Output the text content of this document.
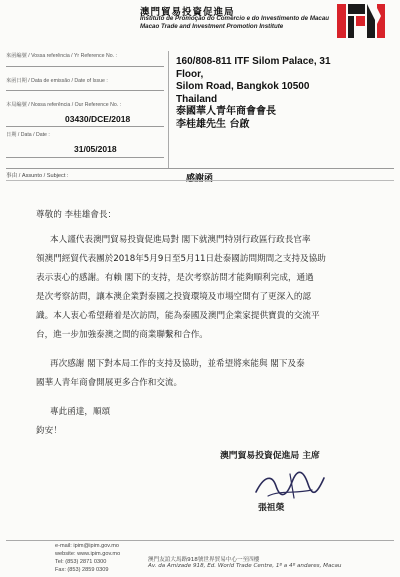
澳門貿易投資促進局
Instituto de Promoção do Comércio e do Investimento de Macau
Macao Trade and Investment Promotion Institute
來函編號 / Vossa referência / Yr Reference No. :
來函日期 / Data de emissão / Date of Issue :
本局編號 / Nossa referência / Our Reference No. :
03430/DCE/2018
日期 / Data / Date :
31/05/2018
160/808-811 ITF Silom Palace, 31
Floor,
Silom Road, Bangkok 10500
Thailand
泰國華人青年商會會長
李桂雄先生 台啟
事由 / Assunto / Subject :	感謝函
尊敬的 李桂雄會長：
本人謹代表澳門貿易投資促進局對 閣下就澳門特別行政區行政長官率
領澳門經貿代表團於2018年5月9日至5月11日赴泰國訪問期間之支持及協助
表示衷心的感謝。有賴 閣下的支持，是次考察訪問才能夠順利完成，通過
是次考察訪問，讓本澳企業對泰國之投資環境及市場空間有了更深入的認
識。本人衷心希望藉着是次訪問，能為泰國及澳門企業家提供寶貴的交流平
台，進一步加強泰澳之間的商業聯繫和合作。
再次感謝 閣下對本局工作的支持及協助，並希望將來能與 閣下及泰
國華人青年商會開展更多合作和交流。
專此函達，順頌
鈞安！
澳門貿易投資促進局 主席
張祖榮
e-mail: ipim@ipim.gov.mo
website: www.ipim.gov.mo
Tel: (853) 2871 0300
Fax: (853) 2859 0309
澳門友誼大馬路918號世界貿易中心一至四樓
Av. da Amizade 918, Ed. World Trade Centre, 1º a 4º andares, Macau
